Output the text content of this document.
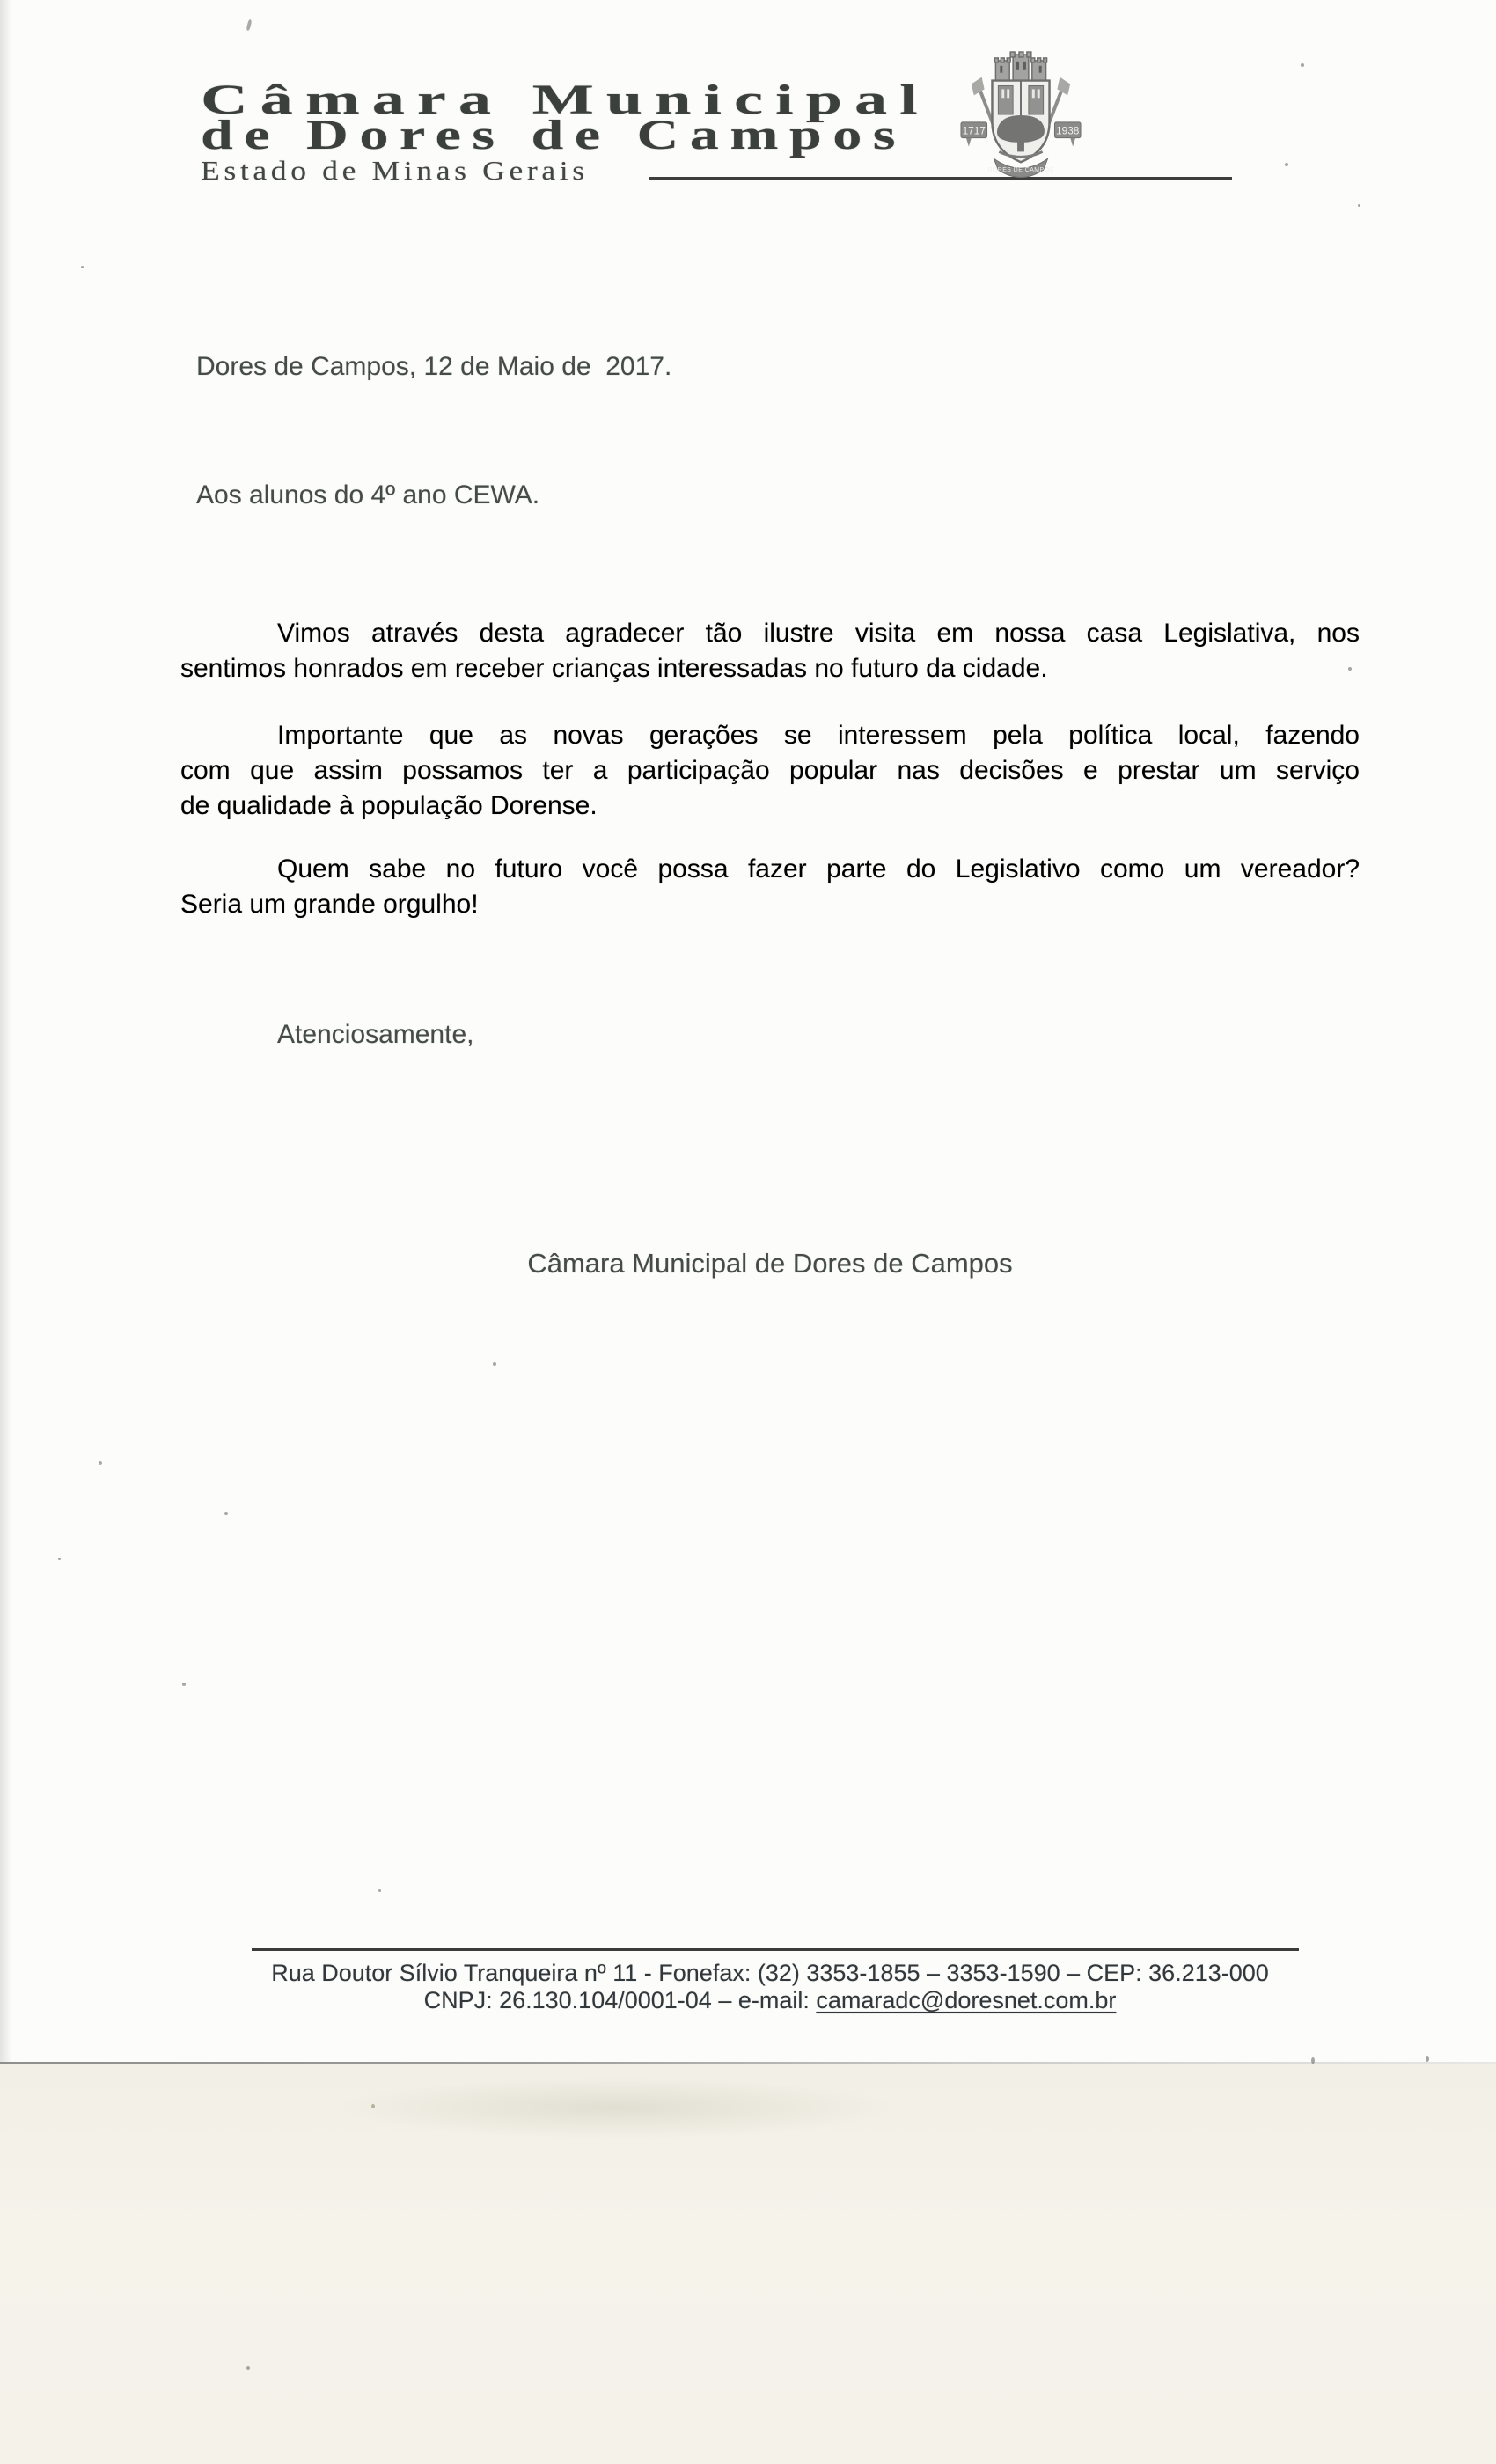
Câmara Municipal
de Dores de Campos
Estado de Minas Gerais
1717	1938
DORES DE CAMPOS
Dores de Campos, 12 de Maio de  2017.
Aos alunos do 4º ano CEWA.
Vimos através desta agradecer tão ilustre visita em nossa casa Legislativa, nos
sentimos honrados em receber crianças interessadas no futuro da cidade.
Importante que as novas gerações se interessem pela política local, fazendo
com que assim possamos ter a participação popular nas decisões e prestar um serviço
de qualidade à população Dorense.
Quem sabe no futuro você possa fazer parte do Legislativo como um vereador?
Seria um grande orgulho!
Atenciosamente,
Câmara Municipal de Dores de Campos
Rua Doutor Sílvio Tranqueira nº 11 - Fonefax: (32) 3353-1855 – 3353-1590 – CEP: 36.213-000
CNPJ: 26.130.104/0001-04 – e-mail: camaradc@doresnet.com.br
